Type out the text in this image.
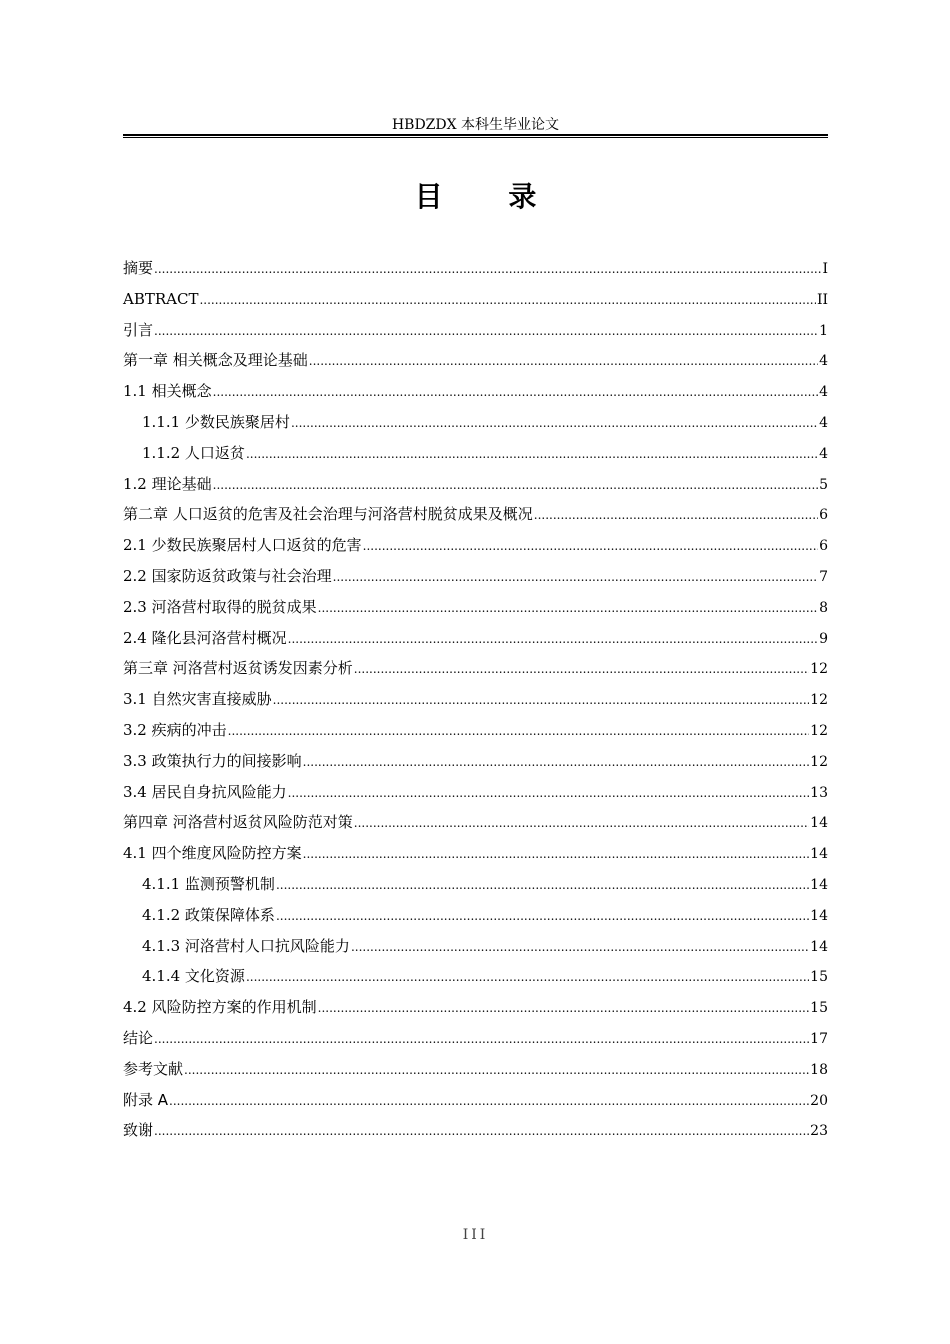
HBDZDX 本科生毕业论文
目 录
摘要 .....	I
ABTRACT .....	II
引言 .....	1
第一章 相关概念及理论基础 .....	4
1.1 相关概念 .....	4
1.1.1 少数民族聚居村 .....	4
1.1.2 人口返贫 .....	4
1.2 理论基础 .....	5
第二章 人口返贫的危害及社会治理与河洛营村脱贫成果及概况 .....	6
2.1 少数民族聚居村人口返贫的危害 .....	6
2.2 国家防返贫政策与社会治理 .....	7
2.3 河洛营村取得的脱贫成果 .....	8
2.4 隆化县河洛营村概况 .....	9
第三章 河洛营村返贫诱发因素分析 .....	12
3.1 自然灾害直接威胁 .....	12
3.2 疾病的冲击 .....	12
3.3 政策执行力的间接影响 .....	12
3.4 居民自身抗风险能力 .....	13
第四章 河洛营村返贫风险防范对策 .....	14
4.1 四个维度风险防控方案 .....	14
4.1.1 监测预警机制 .....	14
4.1.2 政策保障体系 .....	14
4.1.3 河洛营村人口抗风险能力 .....	14
4.1.4 文化资源 .....	15
4.2 风险防控方案的作用机制 .....	15
结论 .....	17
参考文献 .....	18
附录 A .....	20
致谢 .....	23
III
